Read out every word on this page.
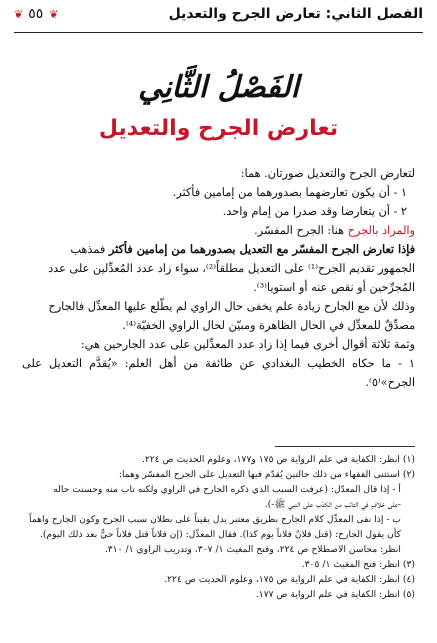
الفصل الثاني: تعارض الجرح والتعديل
❦ ٥٥ ❦
الفَصْلُ الثَّانِي
تعارض الجرح والتعديل

لتعارض الجرح والتعديل صورتان. هما:

١ - أن يكون تعارضهما بصدورهما من إمامين فأكثر.

٢ - أن يتعارضا وقد صدرا من إمام واحد.

والمراد بالجرح هنا: الجرح المفسّر.

فإذا تعارض الجرح المفسّر مع التعديل بصدورهما من إمامين فأكثر فمذهب

الجمهور تقديم الجرح⁽¹⁾ على التعديل مطلقاً⁽²⁾، سواء زاد عدد المُعدِّلين على عدد

المُجرِّحين أو نقص عنه أو استويا⁽³⁾.

وذلك لأن مع الجارح زيادة علم يخفى حال الراوي لم يطّلع عليها المعدِّل فالجارح

مصدِّقٌ للمعدِّل في الحال الظاهرة ومبيّن لحال الراوي الخفيّة⁽⁴⁾.

وثمة ثلاثة أقوال أخرى فيما إذا زاد عدد المعدِّلين على عدد الجارحين هي:

١ - ما حكاه الخطيب البغدادي عن طائفة من أهل العلم: «يُقدَّم التعديل على الجرح»⁽٥⁾.

(١) انظر: الكفاية في علم الرواية ص ١٧٥ و١٧٧، وعلوم الحديث ص ٢٢٤.

(٢) استثنى الفقهاء من ذلك حالتين يُقدّم فيها التعديل على الجرح المفسّر وهما:

أ - إذا قال المعدّل: (عرفت السبب الذي ذكره الجارح في الراوي ولكنه تاب منه وحسنت حاله

-على خلافٍ في التائب من الكذب على النبي ﷺ-).

ب - إذا نفى المعدِّل كلام الجارح بطريق معتبر يدل يقيناً على بطلان سبب الجرح وكون الجارح واهماً

كأن يقول الجارح: (قتل فلانٌ فلاناً يوم كذا). فقال المعدِّل: (إن فلاناً قتل فلاناً حيٌّ بعد ذلك اليوم).

انظر: محاسن الاصطلاح ص ٢٢٤، وفتح المغيث ١/ ٣٠٧، وتدريب الراوي ١/ ٣١٠.

(٣) انظر: فتح المغيث ١/ ٣٠٥.

(٤) انظر: الكفاية في علم الرواية ص ١٧٥، وعلوم الحديث ص ٢٢٤.

(٥) انظر: الكفاية في علم الرواية ص ١٧٧.
